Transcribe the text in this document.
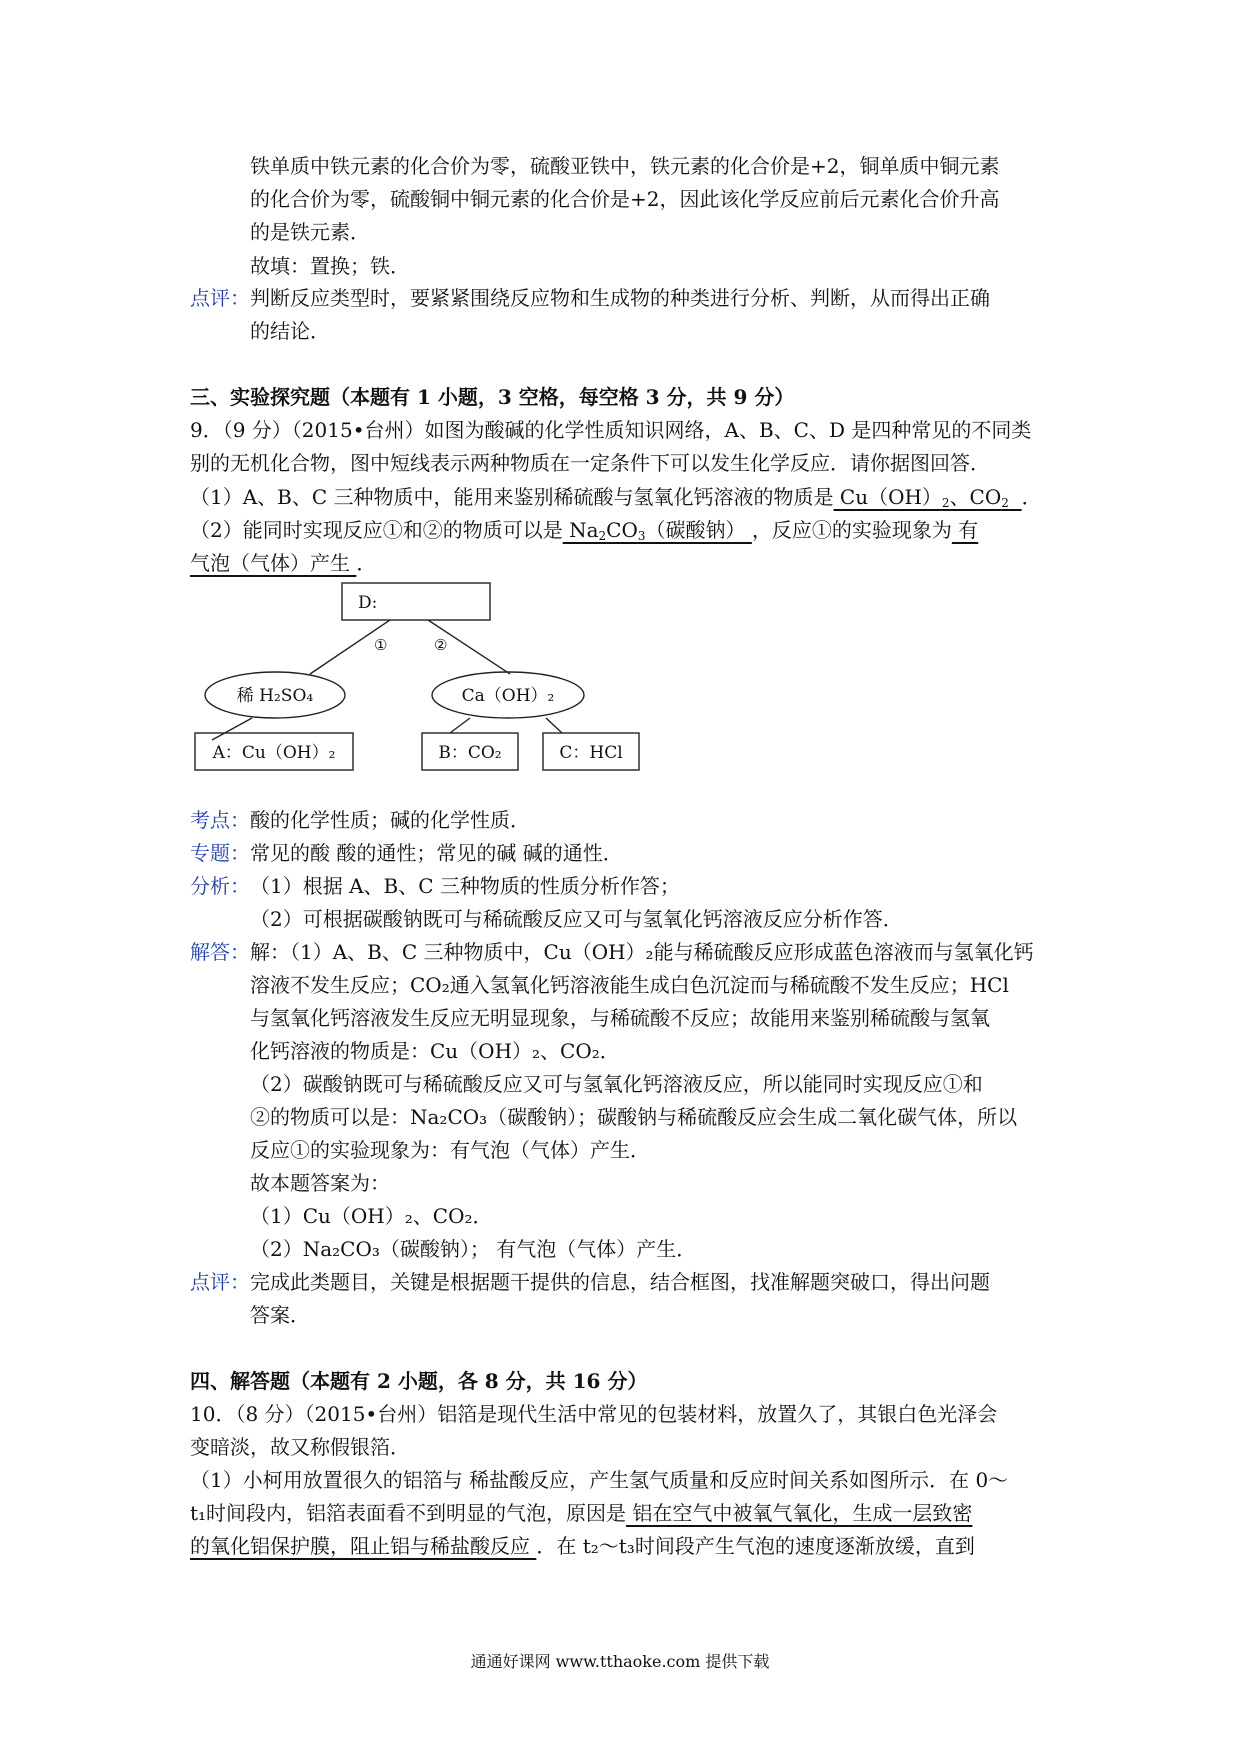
铁单质中铁元素的化合价为零，硫酸亚铁中，铁元素的化合价是+2，铜单质中铜元素
的化合价为零，硫酸铜中铜元素的化合价是+2，因此该化学反应前后元素化合价升高
的是铁元素．
故填：置换；铁．
点评： 判断反应类型时，要紧紧围绕反应物和生成物的种类进行分析、判断，从而得出正确
的结论．
三、实验探究题（本题有 1 小题，3 空格，每空格 3 分，共 9 分）
9．（9 分）（2015•台州）如图为酸碱的化学性质知识网络，A、B、C、D 是四种常见的不同类
别的无机化合物，图中短线表示两种物质在一定条件下可以发生化学反应．请你据图回答．
（1）A、B、C 三种物质中，能用来鉴别稀硫酸与氢氧化钙溶液的物质是 $Cu(OH)_2$、$CO_2$ ．
（2）能同时实现反应①和②的物质可以是 $Na_2CO_3$（碳酸钠） ，反应①的实验现象为 有
气泡（气体）产生 ．
D:
①	②
稀 H₂SO₄	Ca（OH）₂
A：Cu（OH）₂	B：CO₂	C：HCl
考点： 酸的化学性质；碱的化学性质．
专题： 常见的酸 酸的通性；常见的碱 碱的通性．
分析： （1）根据 A、B、C 三种物质的性质分析作答；
（2）可根据碳酸钠既可与稀硫酸反应又可与氢氧化钙溶液反应分析作答．
解答： 解：（1）A、B、C 三种物质中，Cu（OH）₂能与稀硫酸反应形成蓝色溶液而与氢氧化钙
溶液不发生反应；CO₂通入氢氧化钙溶液能生成白色沉淀而与稀硫酸不发生反应；HCl
与氢氧化钙溶液发生反应无明显现象，与稀硫酸不反应；故能用来鉴别稀硫酸与氢氧
化钙溶液的物质是：Cu（OH）₂、CO₂．
（2）碳酸钠既可与稀硫酸反应又可与氢氧化钙溶液反应，所以能同时实现反应①和
②的物质可以是：Na₂CO₃（碳酸钠）；碳酸钠与稀硫酸反应会生成二氧化碳气体，所以
反应①的实验现象为：有气泡（气体）产生．
故本题答案为：
（1）Cu（OH）₂、CO₂．
（2）Na₂CO₃（碳酸钠）； 有气泡（气体）产生．
点评： 完成此类题目，关键是根据题干提供的信息，结合框图，找准解题突破口，得出问题
答案．
四、解答题（本题有 2 小题，各 8 分，共 16 分）
10．（8 分）（2015•台州）铝箔是现代生活中常见的包装材料，放置久了，其银白色光泽会
变暗淡，故又称假银箔．
（1）小柯用放置很久的铝箔与 稀盐酸反应，产生氢气质量和反应时间关系如图所示．在 0～
t₁时间段内，铝箔表面看不到明显的气泡，原因是 铝在空气中被氧气氧化，生成一层致密
的氧化铝保护膜，阻止铝与稀盐酸反应 ．在 t₂～t₃时间段产生气泡的速度逐渐放缓，直到
通通好课网 www.tthaoke.com 提供下载
